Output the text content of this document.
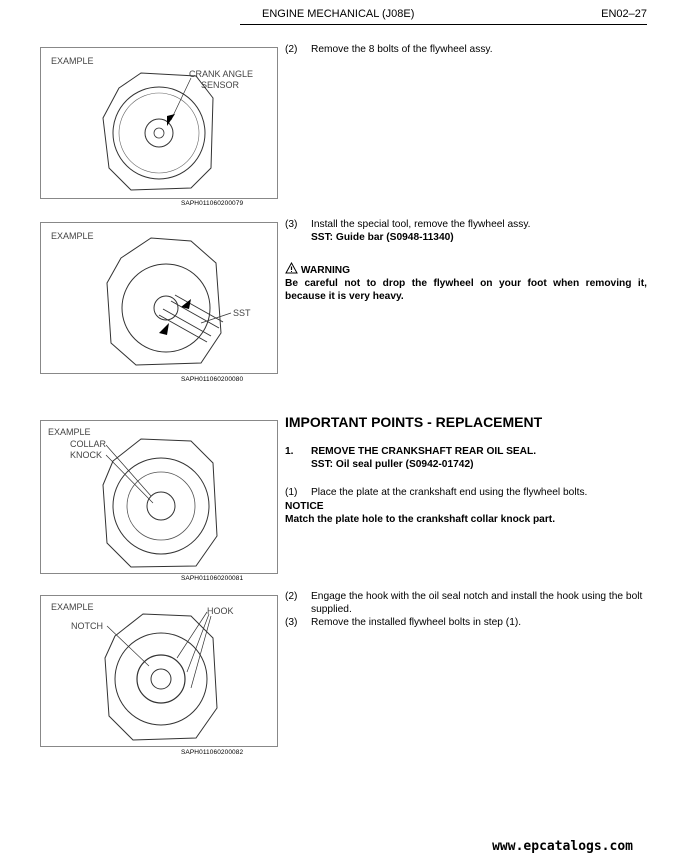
ENGINE MECHANICAL (J08E)	EN02–27
EXAMPLE
CRANK ANGLE
SENSOR
SAPH011060200079
EXAMPLE
SST
SAPH011060200080
EXAMPLE
COLLAR
KNOCK
SAPH011060200081
EXAMPLE
NOTCH
HOOK
SAPH011060200082
(2) Remove the 8 bolts of the flywheel assy.
(3) Install the special tool, remove the flywheel assy.
SST: Guide bar (S0948-11340)
WARNING
Be careful not to drop the flywheel on your foot when removing it, because it is very heavy.
IMPORTANT POINTS - REPLACEMENT
1. REMOVE THE CRANKSHAFT REAR OIL SEAL.
SST: Oil seal puller (S0942-01742)
(1) Place the plate at the crankshaft end using the flywheel bolts.
NOTICE
Match the plate hole to the crankshaft collar knock part.
(2) Engage the hook with the oil seal notch and install the hook using the bolt supplied.
(3) Remove the installed flywheel bolts in step (1).
www.epcatalogs.com
